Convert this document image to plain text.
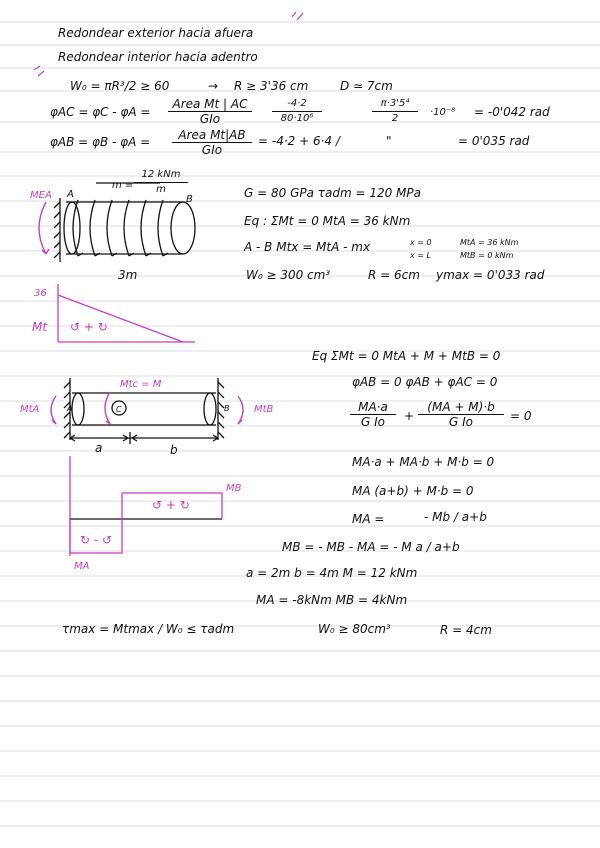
Redondear exterior hacia afuera
Redondear interior hacia adentro
W₀ = πR³/2 ≥ 60	→ R ≥ 3'36 cm	D ≃ 7cm
φAC = φC - φA =
Area Mt | AC
GIo	$\frac{-4\cdot 2}{\text{80·10⁶}}$	$\frac{\text{π·3'5⁴}}{2} \cdot 10^{-8} = -0'042$ rad
φAB = φB - φA =	Area Mt|AB
GIo
= -4·2 + 6·4 /	"	= 0'035 rad
m =
12 kNm
m
MEA A	B
3m
G = 80 GPa τadm = 120 MPa
Eq : ΣMt = 0 MtA = 36 kNm
A - B Mtx = MtA - mx	x = 0	MtA = 36 kNm
x = L	MtB = 0 kNm
W₀ ≥ 300 cm³	R = 6cm ymax = 0'033 rad
36
Mt ↺ + ↻
Eq ΣMt = 0 MtA + M + MtB = 0
φAB = 0 φAB + φAC = 0
$\frac{MA\cdot a}{\text{G Io}} + \frac{(MA + M)\cdot b}{\text{G Io}} = 0$
MA·a + MA·b + M·b = 0
MA (a+b) + M·b = 0
MA =	- Mb / a+b
MB = - MB - MA = - M a / a+b
a = 2m b = 4m M = 12 kNm
MA = -8kNm MB = 4kNm
τmax = Mtmax / W₀ ≤ τadm	W₀ ≥ 80cm³	R = 4cm
Mtc = M
MtA	MtB
A	B
C
a	b
↺ + ↻
↻ - ↺
MB
MA
